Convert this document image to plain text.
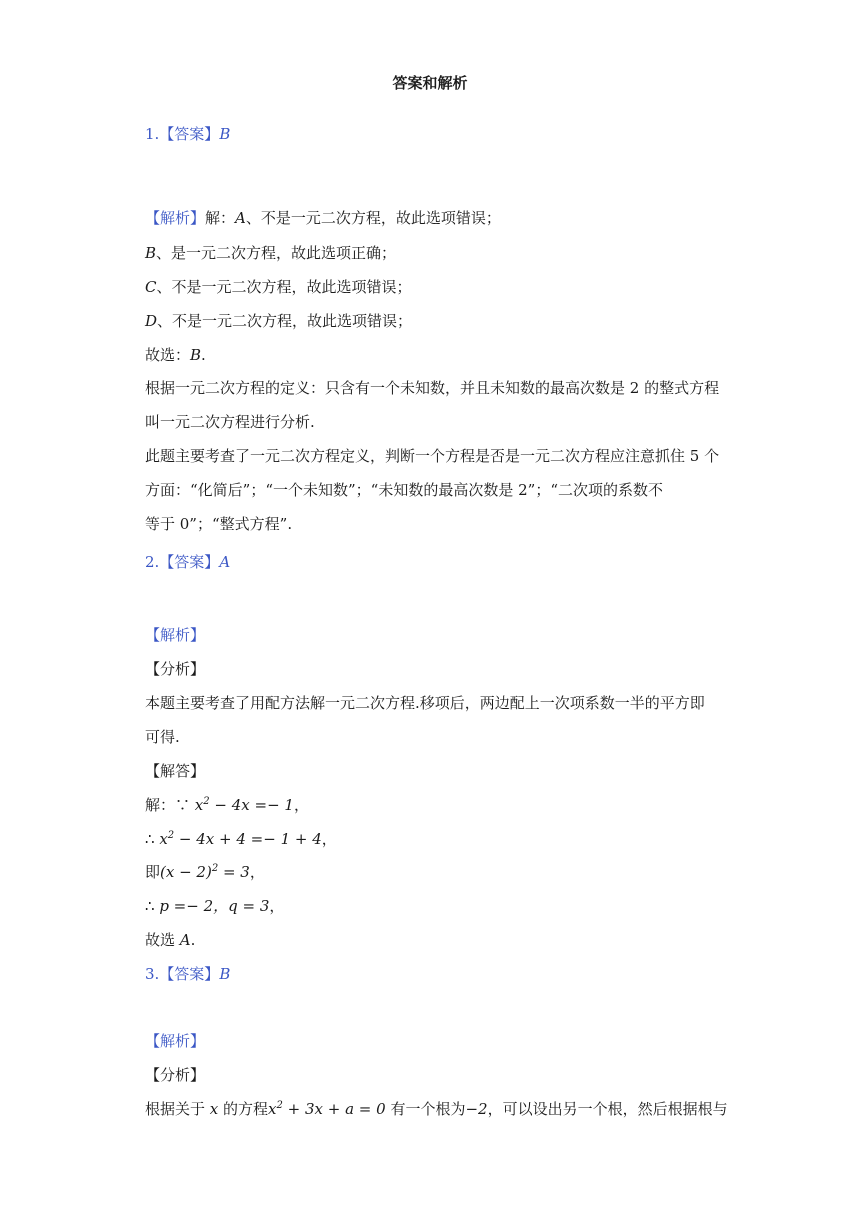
答案和解析
1.【答案】B
【解析】解：A、不是一元二次方程，故此选项错误；
B、是一元二次方程，故此选项正确；
C、不是一元二次方程，故此选项错误；
D、不是一元二次方程，故此选项错误；
故选：B.
根据一元二次方程的定义：只含有一个未知数，并且未知数的最高次数是 2 的整式方程
叫一元二次方程进行分析.
此题主要考查了一元二次方程定义，判断一个方程是否是一元二次方程应注意抓住 5 个
方面：“化简后”；“一个未知数”；“未知数的最高次数是 2”；“二次项的系数不
等于 0”；“整式方程”.
2.【答案】A
【解析】
【分析】
本题主要考查了用配方法解一元二次方程.移项后，两边配上一次项系数一半的平方即
可得.
【解答】
解：∵ $x^2 - 4x =- 1$，
∴ $x^2 - 4x + 4 =- 1 + 4$，
即$(x - 2)^2 = 3$，
∴ p =− 2，q = 3，
故选 A.
3.【答案】B
【解析】
【分析】
根据关于 x 的方程$x^2 + 3x + a = 0$ 有一个根为−2，可以设出另一个根，然后根据根与
